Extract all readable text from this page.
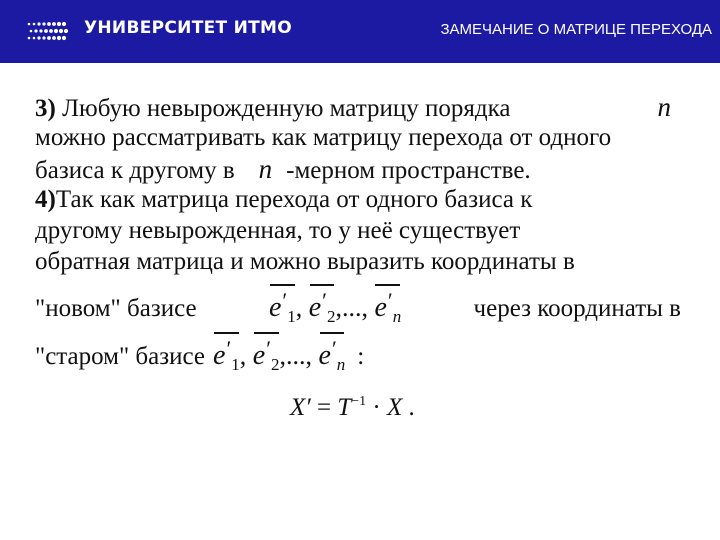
УНИВЕРСИТЕТ ИТМО	ЗАМЕЧАНИЕ О МАТРИЦЕ ПЕРЕХОДА
3) Любую невырожденную матрицу порядка	n
можно рассматривать как матрицу перехода от одного
базиса к другому в n -мерном пространстве.
4)Так как матрица перехода от одного базиса к
другому невырожденная, то у неё существует
обратная матрица и можно выразить координаты в
"новом" базисе	$e'_1$, $e'_2$,..., $e'_n$	через координаты в
"старом" базисе $e'_1$, $e'_2$,..., $e'_n$ :
$X' = T^{-1} \cdot X$ .
